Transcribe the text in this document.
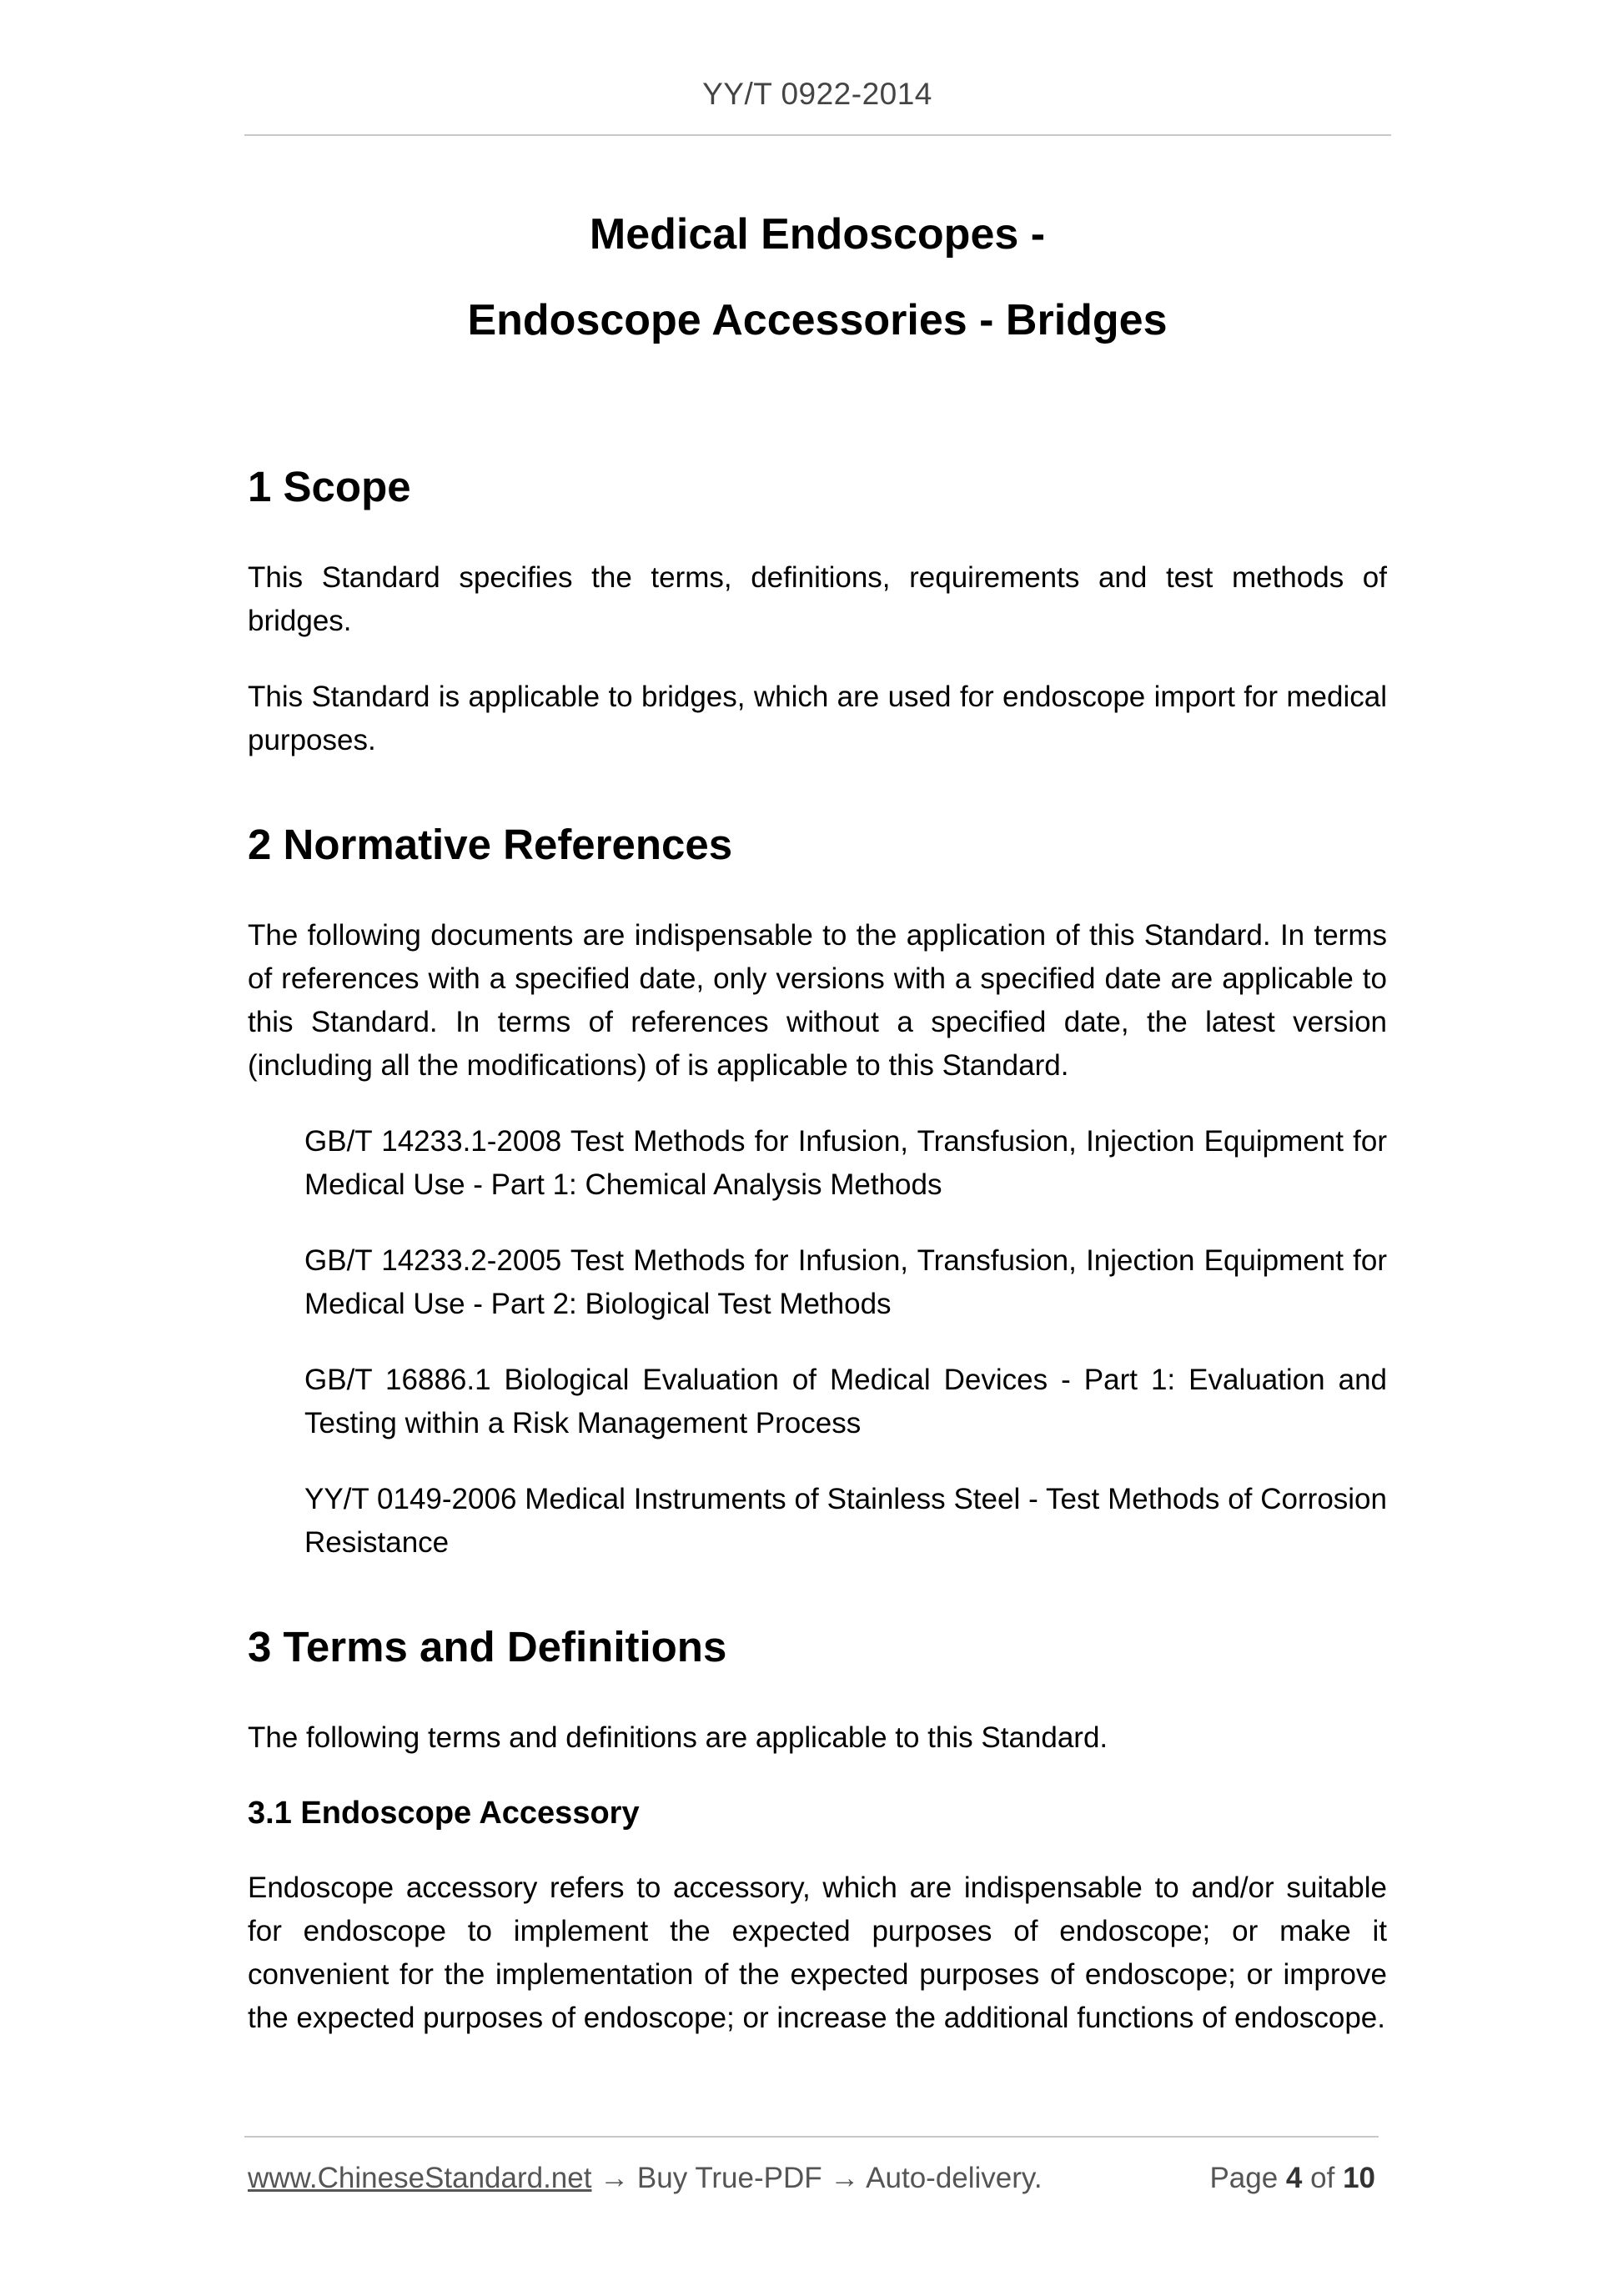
YY/T 0922-2014

Medical Endoscopes -

Endoscope Accessories - Bridges

1 Scope

This Standard specifies the terms, definitions, requirements and test methods of bridges.

This Standard is applicable to bridges, which are used for endoscope import for medical purposes.

2 Normative References

The following documents are indispensable to the application of this Standard. In terms of references with a specified date, only versions with a specified date are applicable to this Standard. In terms of references without a specified date, the latest version (including all the modifications) of is applicable to this Standard.

GB/T 14233.1-2008 Test Methods for Infusion, Transfusion, Injection Equipment for Medical Use - Part 1: Chemical Analysis Methods

GB/T 14233.2-2005 Test Methods for Infusion, Transfusion, Injection Equipment for Medical Use - Part 2: Biological Test Methods

GB/T 16886.1 Biological Evaluation of Medical Devices - Part 1: Evaluation and Testing within a Risk Management Process

YY/T 0149-2006 Medical Instruments of Stainless Steel - Test Methods of Corrosion Resistance

3 Terms and Definitions

The following terms and definitions are applicable to this Standard.

3.1 Endoscope Accessory

Endoscope accessory refers to accessory, which are indispensable to and/or suitable for endoscope to implement the expected purposes of endoscope; or make it convenient for the implementation of the expected purposes of endoscope; or improve the expected purposes of endoscope; or increase the additional functions of endoscope.

www.ChineseStandard.net → Buy True-PDF → Auto-delivery.	Page 4 of 10
